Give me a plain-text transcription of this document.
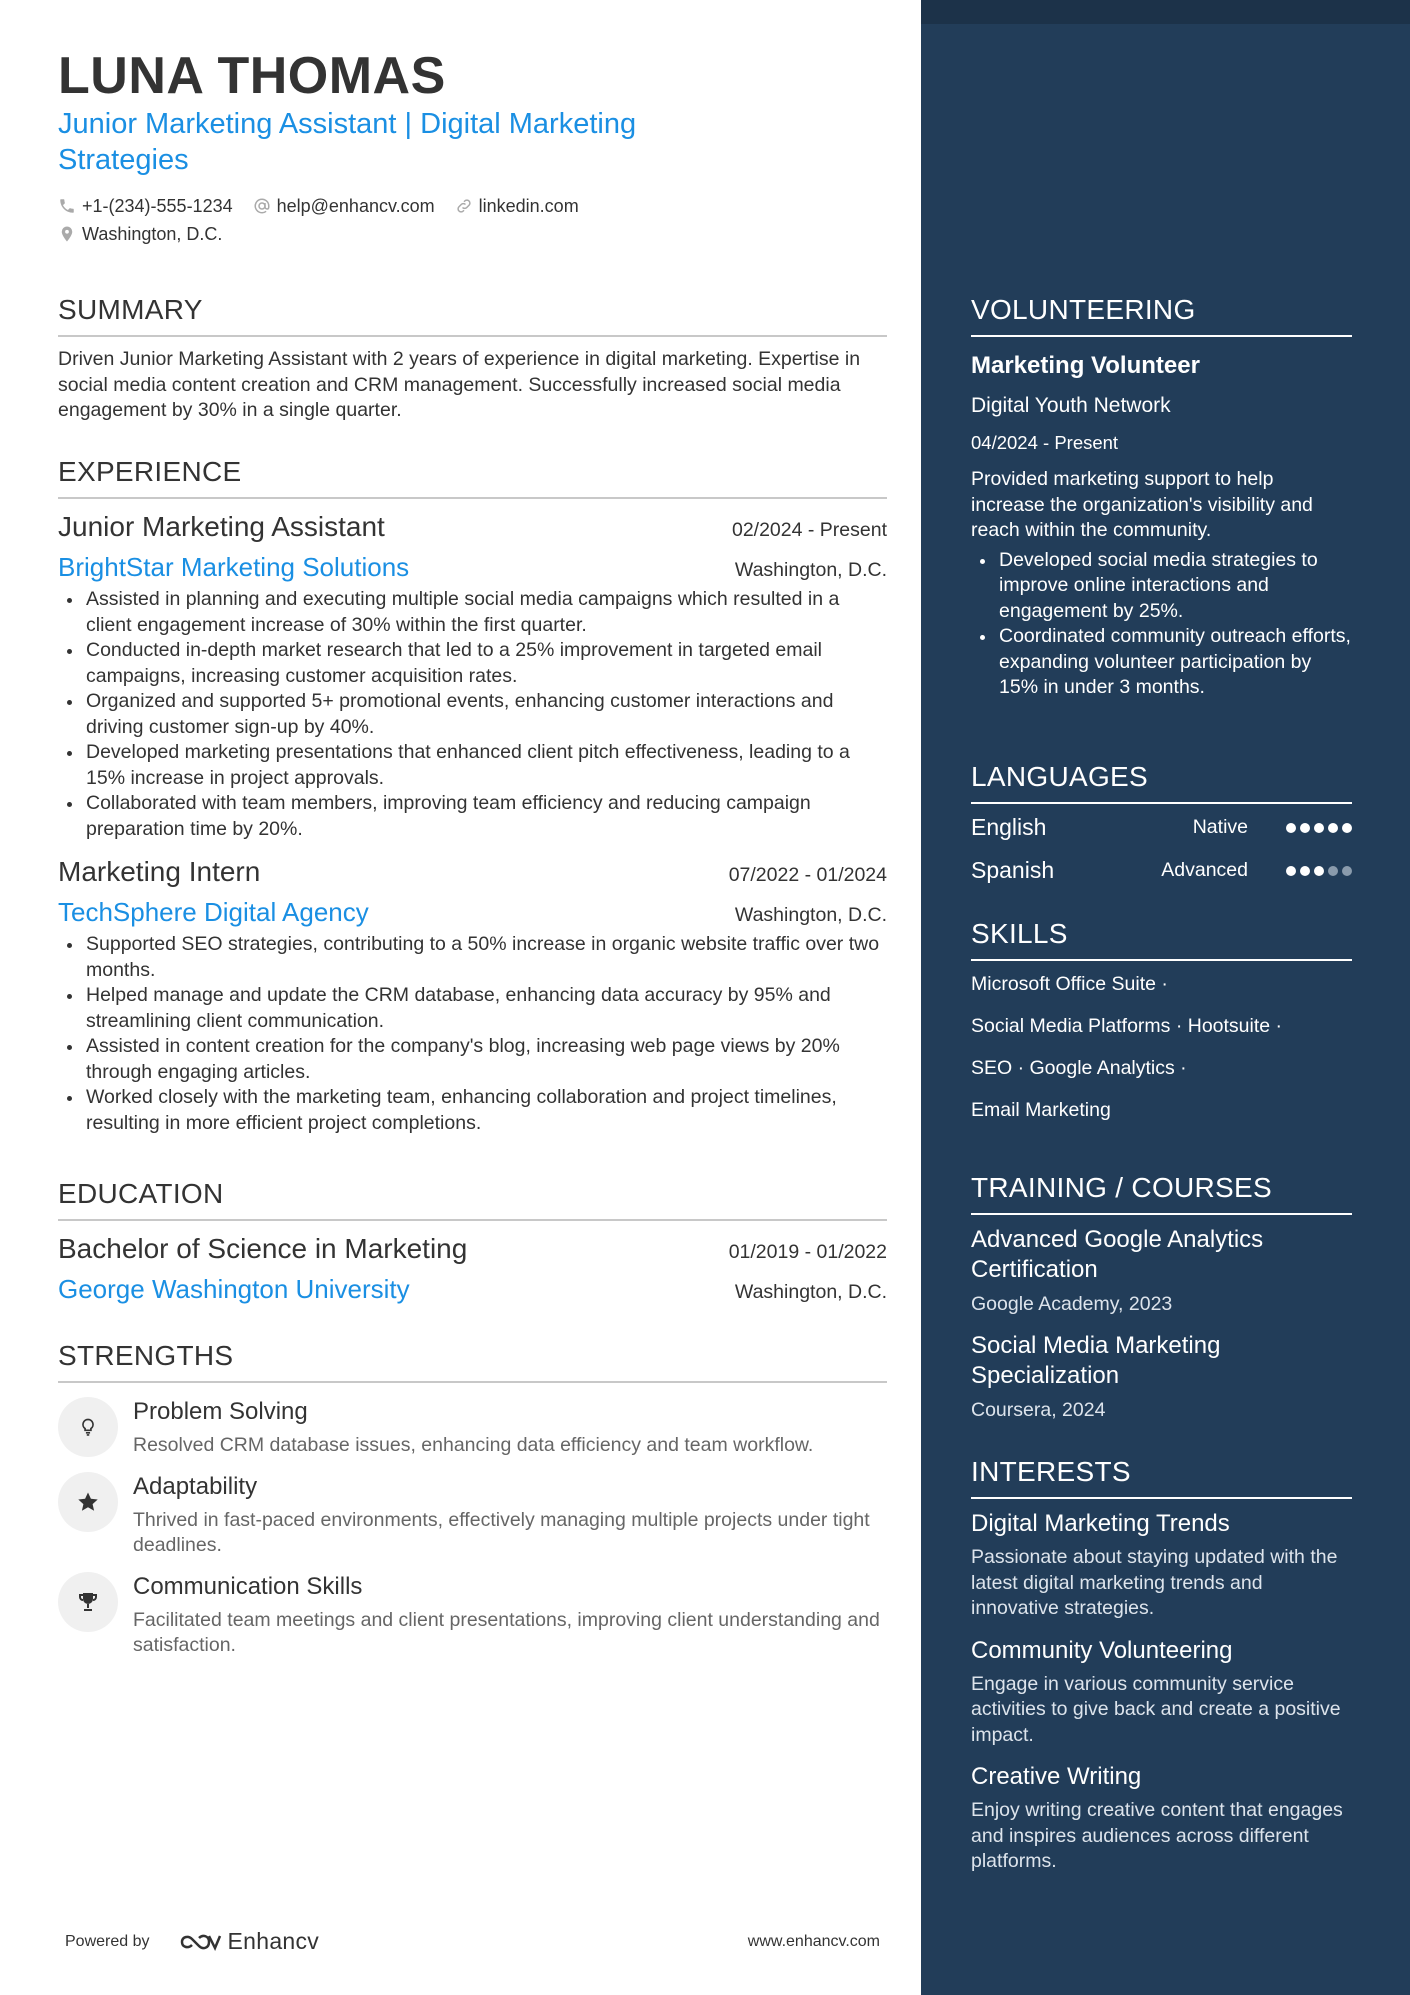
LUNA THOMAS
Junior Marketing Assistant | Digital Marketing Strategies
+1-(234)-555-1234 help@enhancv.com linkedin.com
Washington, D.C.
SUMMARY
Driven Junior Marketing Assistant with 2 years of experience in digital marketing. Expertise in social media content creation and CRM management. Successfully increased social media engagement by 30% in a single quarter.
EXPERIENCE
Junior Marketing Assistant	02/2024 - Present
BrightStar Marketing Solutions	Washington, D.C.
Assisted in planning and executing multiple social media campaigns which resulted in a client engagement increase of 30% within the first quarter.
Conducted in-depth market research that led to a 25% improvement in targeted email campaigns, increasing customer acquisition rates.
Organized and supported 5+ promotional events, enhancing customer interactions and driving customer sign-up by 40%.
Developed marketing presentations that enhanced client pitch effectiveness, leading to a 15% increase in project approvals.
Collaborated with team members, improving team efficiency and reducing campaign preparation time by 20%.
Marketing Intern	07/2022 - 01/2024
TechSphere Digital Agency	Washington, D.C.
Supported SEO strategies, contributing to a 50% increase in organic website traffic over two months.
Helped manage and update the CRM database, enhancing data accuracy by 95% and streamlining client communication.
Assisted in content creation for the company's blog, increasing web page views by 20% through engaging articles.
Worked closely with the marketing team, enhancing collaboration and project timelines, resulting in more efficient project completions.
EDUCATION
Bachelor of Science in Marketing	01/2019 - 01/2022
George Washington University	Washington, D.C.
STRENGTHS
Problem Solving
Resolved CRM database issues, enhancing data efficiency and team workflow.
Adaptability
Thrived in fast-paced environments, effectively managing multiple projects under tight deadlines.
Communication Skills
Facilitated team meetings and client presentations, improving client understanding and satisfaction.
Powered by	Enhancv	www.enhancv.com
VOLUNTEERING
Marketing Volunteer
Digital Youth Network
04/2024 - Present
Provided marketing support to help increase the organization's visibility and reach within the community.
Developed social media strategies to improve online interactions and engagement by 25%.
Coordinated community outreach efforts, expanding volunteer participation by 15% in under 3 months.
LANGUAGES
English	Native
Spanish	Advanced
SKILLS
Microsoft Office Suite ·
Social Media Platforms · Hootsuite ·
SEO · Google Analytics ·
Email Marketing
TRAINING / COURSES
Advanced Google Analytics Certification
Google Academy, 2023
Social Media Marketing Specialization
Coursera, 2024
INTERESTS
Digital Marketing Trends
Passionate about staying updated with the latest digital marketing trends and innovative strategies.
Community Volunteering
Engage in various community service activities to give back and create a positive impact.
Creative Writing
Enjoy writing creative content that engages and inspires audiences across different platforms.
